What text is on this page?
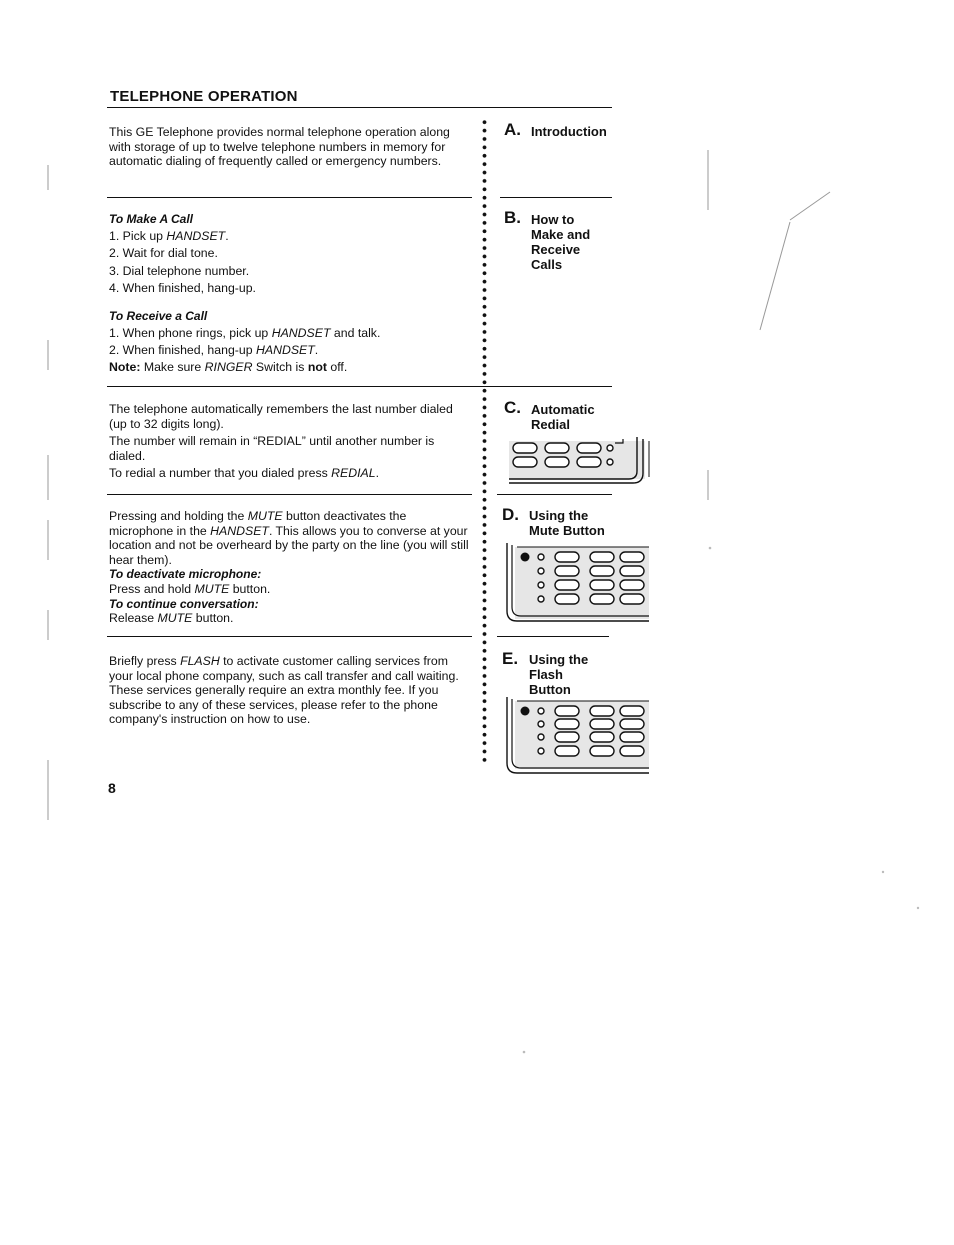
TELEPHONE OPERATION

This GE Telephone provides normal telephone operation along with storage of up to twelve telephone numbers in memory for automatic dialing of frequently called or emergency numbers.

A. Introduction

To Make A Call

1. Pick up HANDSET.
2. Wait for dial tone.
3. Dial telephone number.
4. When finished, hang-up.

To Receive a Call

1. When phone rings, pick up HANDSET and talk.
2. When finished, hang-up HANDSET.

Note: Make sure RINGER Switch is not off.

B. How to
Make and
Receive
Calls

The telephone automatically remembers the last number dialed (up to 32 digits long).

The number will remain in “REDIAL” until another number is dialed.

To redial a number that you dialed press REDIAL.

C. Automatic
Redial

Pressing and holding the MUTE button deactivates the microphone in the HANDSET. This allows you to converse at your location and not be overheard by the party on the line (you will still hear them).

To deactivate microphone:

Press and hold MUTE button.

To continue conversation:

Release MUTE button.

D. Using the
Mute Button

Briefly press FLASH to activate customer calling services from your local phone company, such as call transfer and call waiting. These services generally require an extra monthly fee. If you subscribe to any of these services, please refer to the phone company's instruction on how to use.

E. Using the
Flash
Button
8
